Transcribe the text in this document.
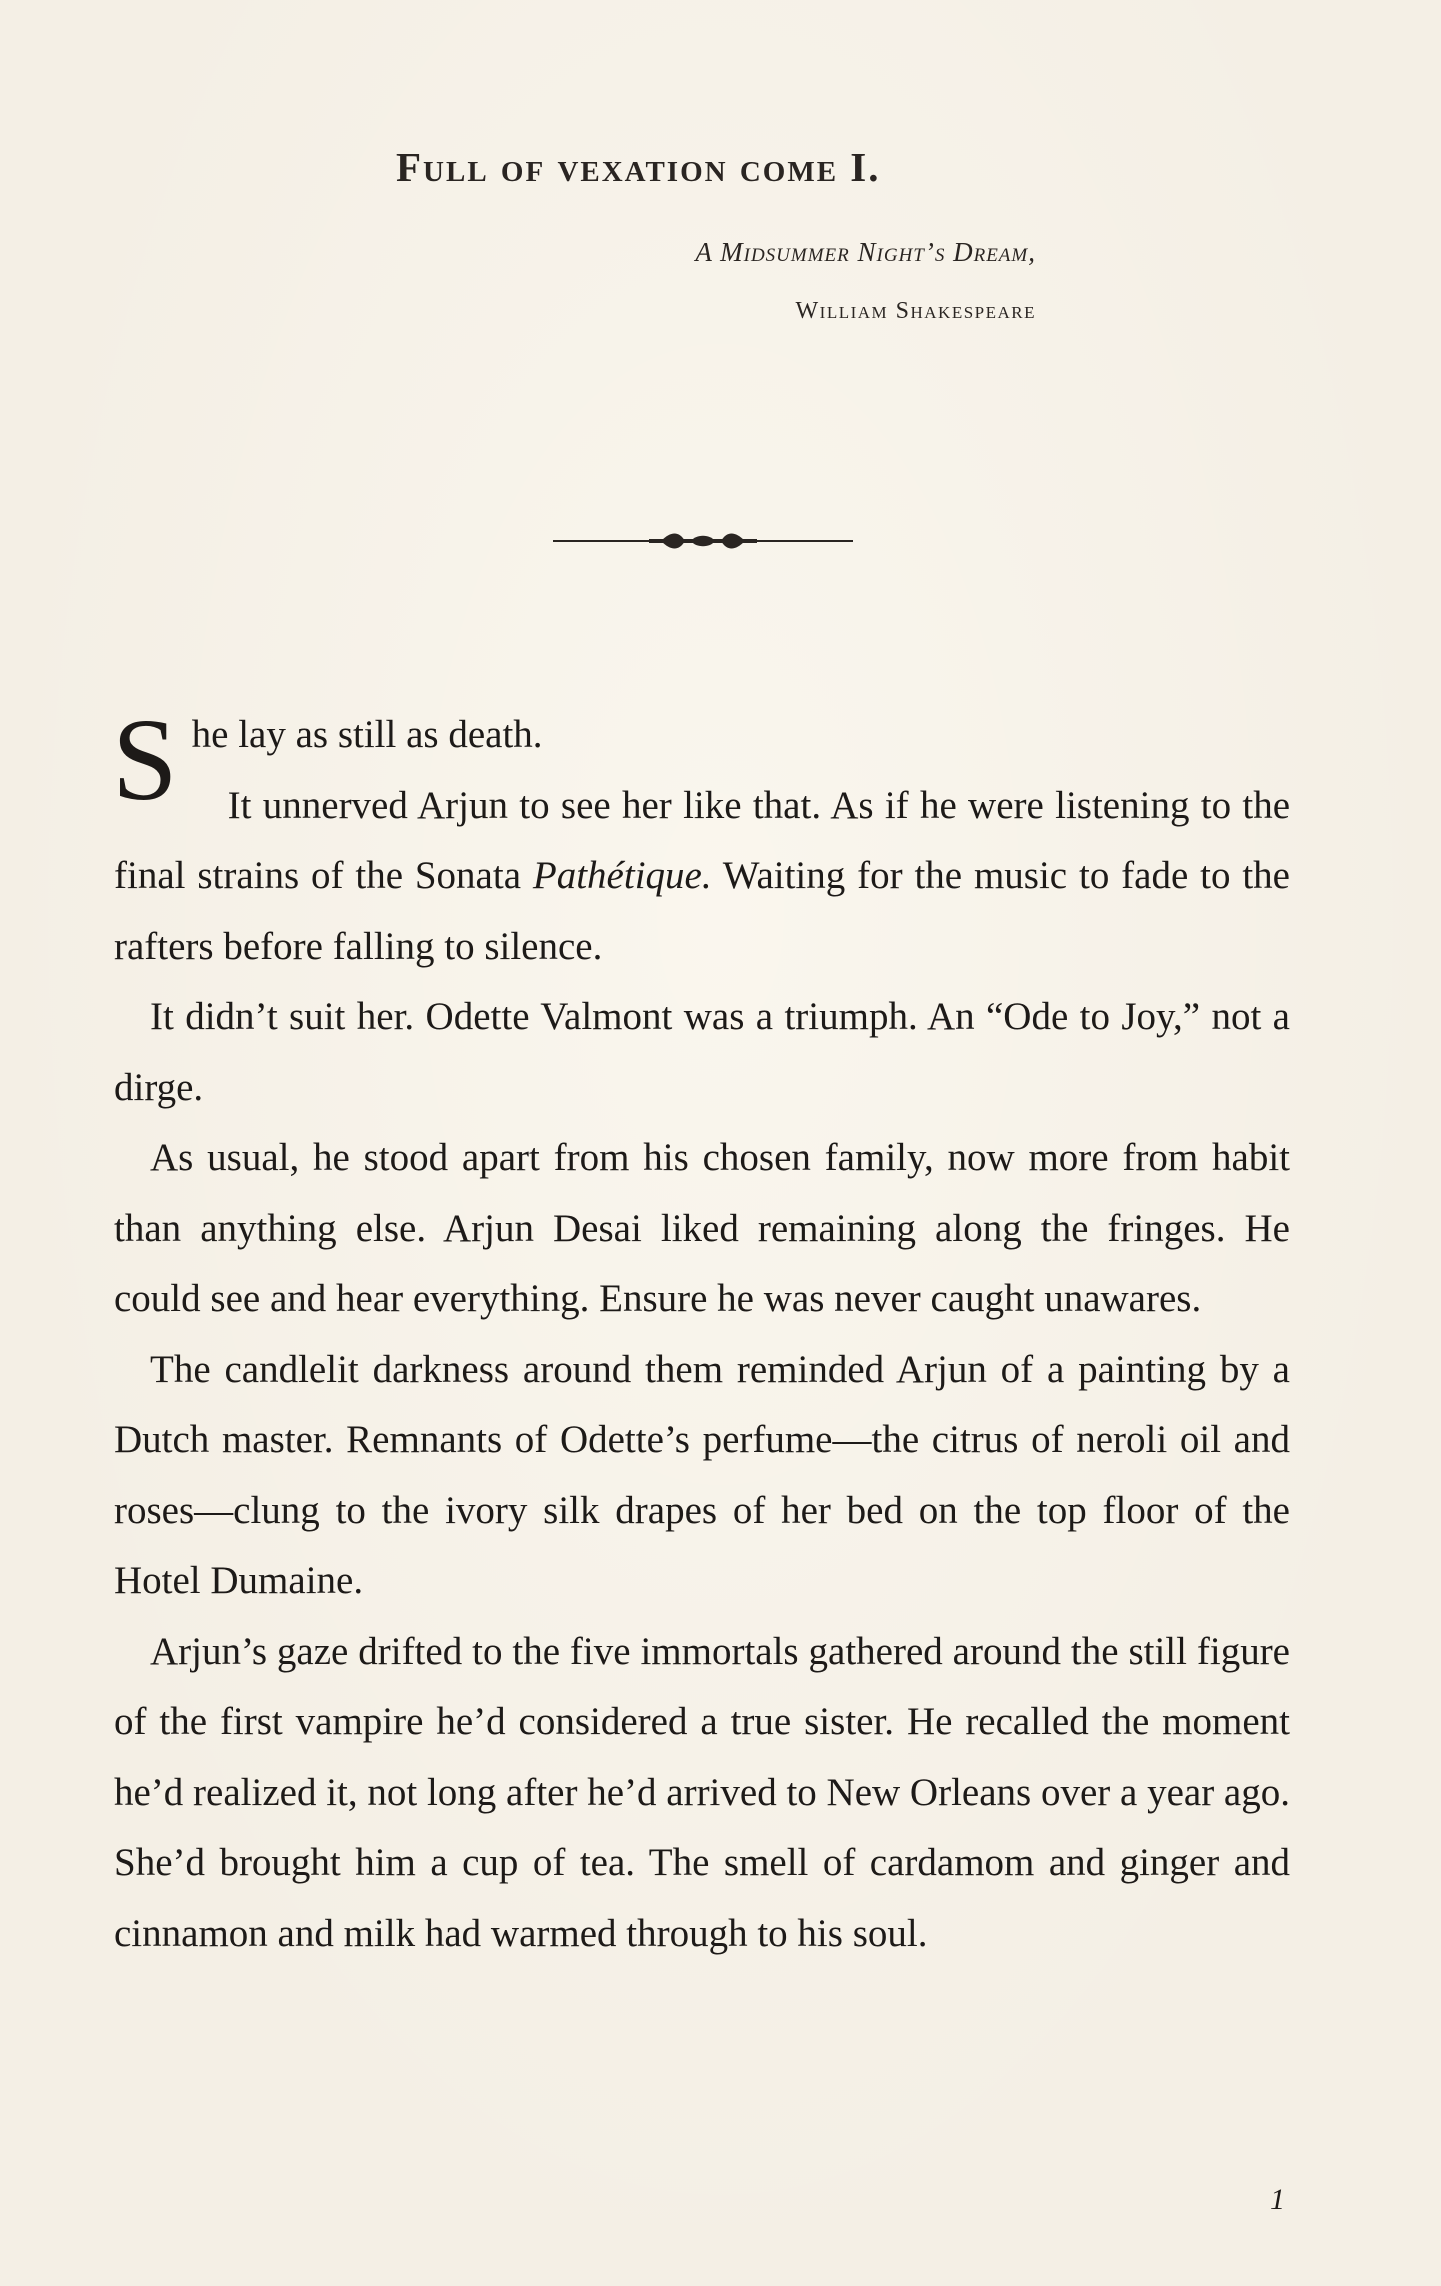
Full of vexation come I.
A Midsummer Night’s Dream,
William Shakespeare

She lay as still as death.

It unnerved Arjun to see her like that. As if he were listening to the final strains of the Sonata Pathétique. Waiting for the music to fade to the rafters before falling to silence.

It didn’t suit her. Odette Valmont was a triumph. An “Ode to Joy,” not a dirge.

As usual, he stood apart from his chosen family, now more from habit than anything else. Arjun Desai liked remaining along the fringes. He could see and hear everything. Ensure he was never caught unawares.

The candlelit darkness around them reminded Arjun of a painting by a Dutch master. Remnants of Odette’s perfume—the citrus of neroli oil and roses—clung to the ivory silk drapes of her bed on the top floor of the Hotel Dumaine.

Arjun’s gaze drifted to the five immortals gathered around the still figure of the first vampire he’d considered a true sister. He recalled the moment he’d realized it, not long after he’d arrived to New Orleans over a year ago. She’d brought him a cup of tea. The smell of cardamom and ginger and cinnamon and milk had warmed through to his soul.

1
